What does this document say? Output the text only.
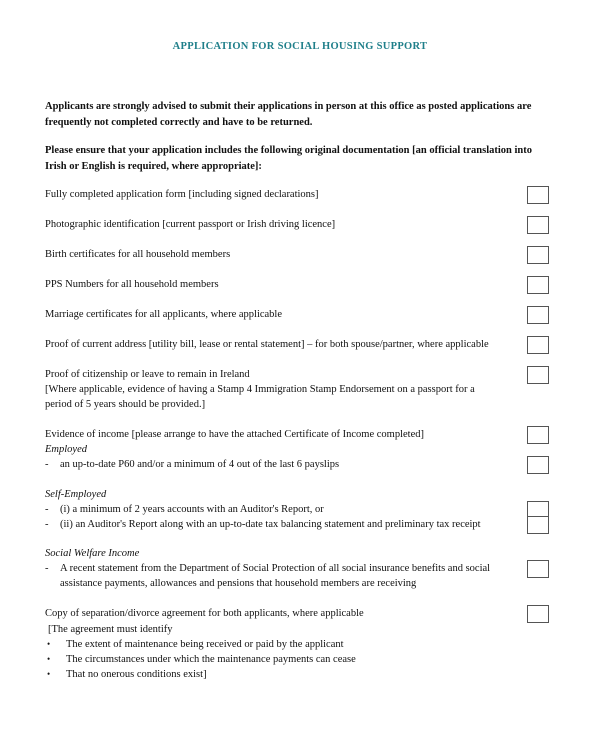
APPLICATION FOR SOCIAL HOUSING SUPPORT
Applicants are strongly advised to submit their applications in person at this office as posted applications are
frequently not completed correctly and have to be returned.
Please ensure that your application includes the following original documentation [an official translation into
Irish or English is required, where appropriate]:
Fully completed application form [including signed declarations]
Photographic identification [current passport or Irish driving licence]
Birth certificates for all household members
PPS Numbers for all household members
Marriage certificates for all applicants, where applicable
Proof of current address [utility bill, lease or rental statement] – for both spouse/partner, where applicable
Proof of citizenship or leave to remain in Ireland
[Where applicable, evidence of having a Stamp 4 Immigration Stamp Endorsement on a passport for a
period of 5 years should be provided.]
Evidence of income [please arrange to have the attached Certificate of Income completed]
Employed
- an up-to-date P60 and/or a minimum of 4 out of the last 6 payslips
Self-Employed
- (i) a minimum of 2 years accounts with an Auditor's Report, or
- (ii) an Auditor's Report along with an up-to-date tax balancing statement and preliminary tax receipt
Social Welfare Income
- A recent statement from the Department of Social Protection of all social insurance benefits and social
assistance payments, allowances and pensions that household members are receiving
Copy of separation/divorce agreement for both applicants, where applicable
[The agreement must identify
• The extent of maintenance being received or paid by the applicant
• The circumstances under which the maintenance payments can cease
• That no onerous conditions exist]
